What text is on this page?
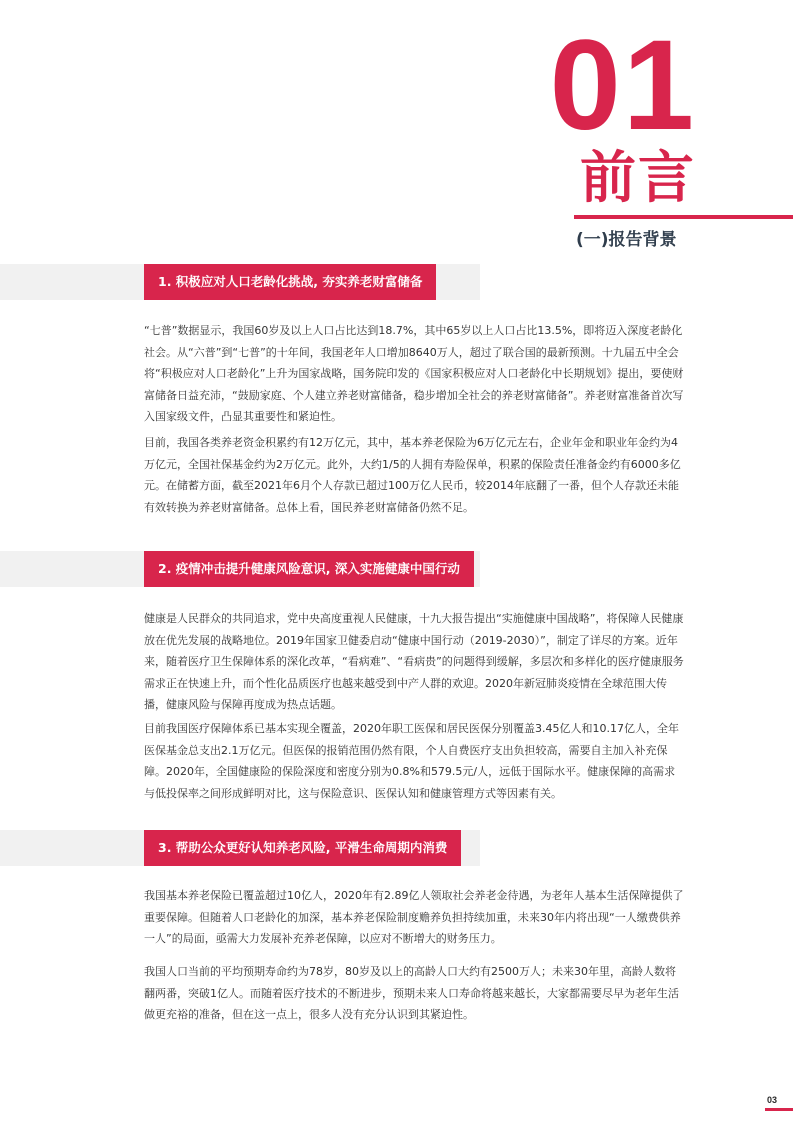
01
前言
(一)报告背景
1. 积极应对人口老龄化挑战, 夯实养老财富储备

“七普”数据显示，我国60岁及以上人口占比达到18.7%，其中65岁以上人口占比13.5%，即将迈入深度老龄化社会。从“六普”到“七普”的十年间，我国老年人口增加8640万人，超过了联合国的最新预测。十九届五中全会将“积极应对人口老龄化”上升为国家战略，国务院印发的《国家积极应对人口老龄化中长期规划》提出，要使财富储备日益充沛，“鼓励家庭、个人建立养老财富储备，稳步增加全社会的养老财富储备”。养老财富准备首次写入国家级文件，凸显其重要性和紧迫性。

目前，我国各类养老资金积累约有12万亿元，其中，基本养老保险为6万亿元左右，企业年金和职业年金约为4万亿元，全国社保基金约为2万亿元。此外，大约1/5的人拥有寿险保单，积累的保险责任准备金约有6000多亿元。在储蓄方面，截至2021年6月个人存款已超过100万亿人民币，较2014年底翻了一番，但个人存款还未能有效转换为养老财富储备。总体上看，国民养老财富储备仍然不足。

2. 疫情冲击提升健康风险意识, 深入实施健康中国行动

健康是人民群众的共同追求，党中央高度重视人民健康，十九大报告提出“实施健康中国战略”，将保障人民健康放在优先发展的战略地位。2019年国家卫健委启动“健康中国行动（2019-2030）”，制定了详尽的方案。近年来，随着医疗卫生保障体系的深化改革，“看病难”、“看病贵”的问题得到缓解，多层次和多样化的医疗健康服务需求正在快速上升，而个性化品质医疗也越来越受到中产人群的欢迎。2020年新冠肺炎疫情在全球范围大传播，健康风险与保障再度成为热点话题。

目前我国医疗保障体系已基本实现全覆盖，2020年职工医保和居民医保分别覆盖3.45亿人和10.17亿人，全年医保基金总支出2.1万亿元。但医保的报销范围仍然有限，个人自费医疗支出负担较高，需要自主加入补充保障。2020年，全国健康险的保险深度和密度分别为0.8%和579.5元/人，远低于国际水平。健康保障的高需求与低投保率之间形成鲜明对比，这与保险意识、医保认知和健康管理方式等因素有关。

3. 帮助公众更好认知养老风险, 平滑生命周期内消费

我国基本养老保险已覆盖超过10亿人，2020年有2.89亿人领取社会养老金待遇，为老年人基本生活保障提供了重要保障。但随着人口老龄化的加深，基本养老保险制度赡养负担持续加重，未来30年内将出现“一人缴费供养一人”的局面，亟需大力发展补充养老保障，以应对不断增大的财务压力。

我国人口当前的平均预期寿命约为78岁，80岁及以上的高龄人口大约有2500万人；未来30年里，高龄人数将翻两番，突破1亿人。而随着医疗技术的不断进步，预期未来人口寿命将越来越长，大家都需要尽早为老年生活做更充裕的准备，但在这一点上，很多人没有充分认识到其紧迫性。

03
